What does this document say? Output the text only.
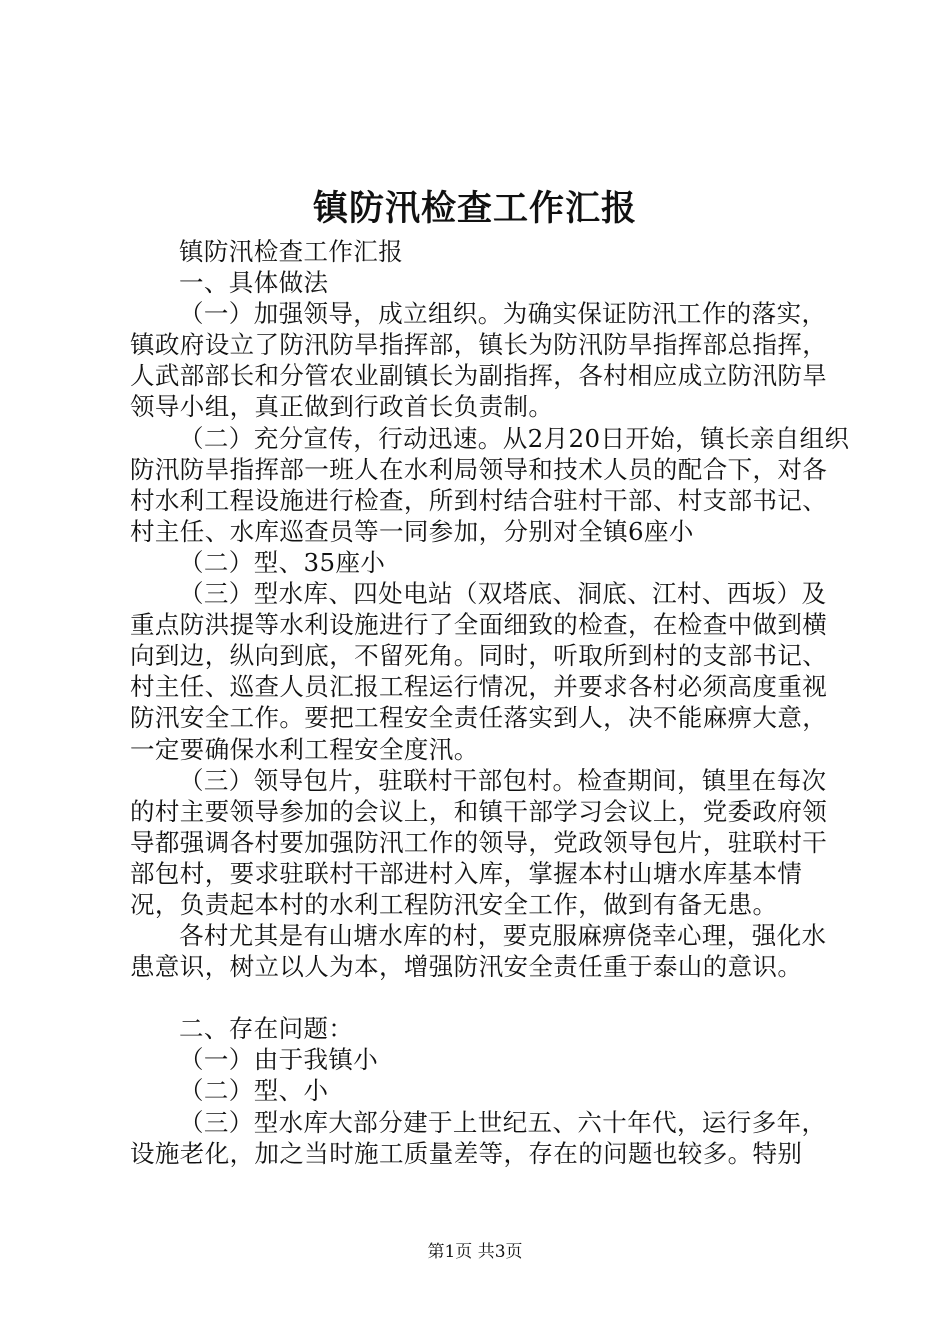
镇防汛检查工作汇报

镇防汛检查工作汇报

一、具体做法

（一）加强领导，成立组织。为确实保证防汛工作的落实，镇政府设立了防汛防旱指挥部，镇长为防汛防旱指挥部总指挥，人武部部长和分管农业副镇长为副指挥，各村相应成立防汛防旱领导小组，真正做到行政首长负责制。

（二）充分宣传，行动迅速。从2月20日开始，镇长亲自组织防汛防旱指挥部一班人在水利局领导和技术人员的配合下，对各村水利工程设施进行检查，所到村结合驻村干部、村支部书记、村主任、水库巡查员等一同参加，分别对全镇6座小

（二）型、35座小

（三）型水库、四处电站（双塔底、洞底、江村、西坂）及重点防洪提等水利设施进行了全面细致的检查，在检查中做到横向到边，纵向到底，不留死角。同时，听取所到村的支部书记、村主任、巡查人员汇报工程运行情况，并要求各村必须高度重视防汛安全工作。要把工程安全责任落实到人，决不能麻痹大意，一定要确保水利工程安全度汛。

（三）领导包片，驻联村干部包村。检查期间，镇里在每次的村主要领导参加的会议上，和镇干部学习会议上，党委政府领导都强调各村要加强防汛工作的领导，党政领导包片，驻联村干部包村，要求驻联村干部进村入库，掌握本村山塘水库基本情况，负责起本村的水利工程防汛安全工作，做到有备无患。

各村尤其是有山塘水库的村，要克服麻痹侥幸心理，强化水患意识，树立以人为本，增强防汛安全责任重于泰山的意识。

二、存在问题：

（一）由于我镇小

（二）型、小

（三）型水库大部分建于上世纪五、六十年代，运行多年，设施老化，加之当时施工质量差等，存在的问题也较多。特别

第1页 共3页
